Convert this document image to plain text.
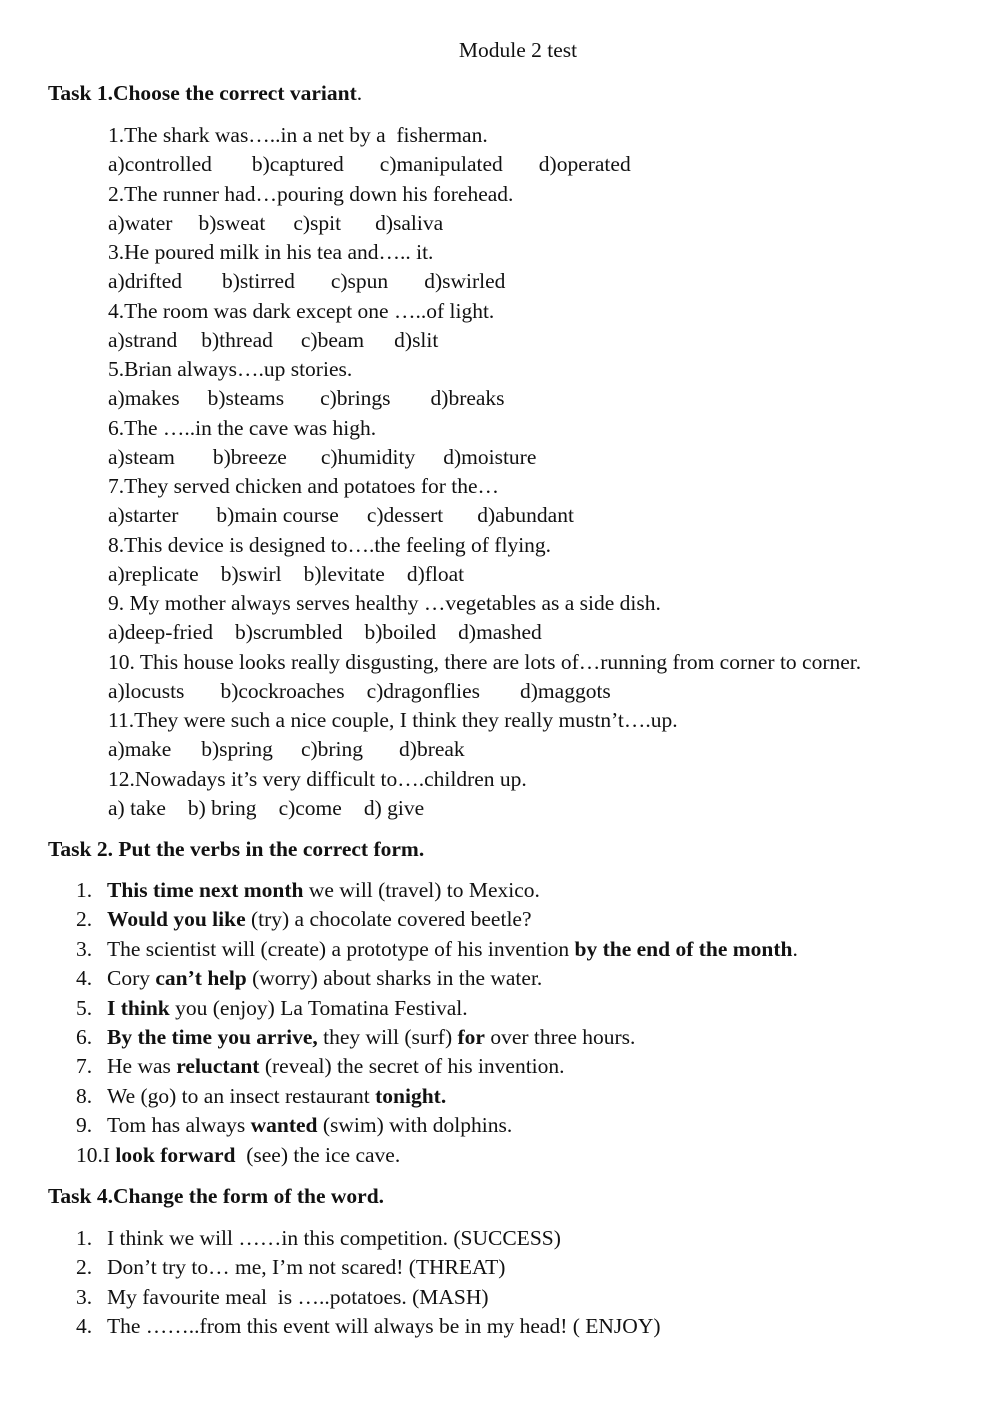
Module 2 test
Task 1.Choose the correct variant.
1.The shark was…..in a net by a  fisherman.
a)controlled b)captured c)manipulated d)operated
2.The runner had…pouring down his forehead.
a)water b)sweat c)spit d)saliva
3.He poured milk in his tea and….. it.
a)drifted b)stirred c)spun d)swirled
4.The room was dark except one …..of light.
a)strand b)thread c)beam d)slit
5.Brian always….up stories.
a)makes b)steams c)brings d)breaks
6.The …..in the cave was high.
a)steam b)breeze c)humidity d)moisture
7.They served chicken and potatoes for the…
a)starter b)main course c)dessert d)abundant
8.This device is designed to….the feeling of flying.
a)replicate b)swirl b)levitate d)float
9. My mother always serves healthy …vegetables as a side dish.
a)deep-fried b)scrumbled b)boiled d)mashed
10. This house looks really disgusting, there are lots of…running from corner to corner.
a)locusts b)cockroaches c)dragonflies d)maggots
11.They were such a nice couple, I think they really mustn’t….up.
a)make b)spring c)bring d)break
12.Nowadays it’s very difficult to….children up.
a) take b) bring c)come d) give
Task 2. Put the verbs in the correct form.
1. This time next month we will (travel) to Mexico.
2. Would you like (try) a chocolate covered beetle?
3. The scientist will (create) a prototype of his invention by the end of the month.
4. Cory can’t help (worry) about sharks in the water.
5. I think you (enjoy) La Tomatina Festival.
6. By the time you arrive, they will (surf) for over three hours.
7. He was reluctant (reveal) the secret of his invention.
8. We (go) to an insect restaurant tonight.
9. Tom has always wanted (swim) with dolphins.
10.I look forward  (see) the ice cave.
Task 4.Change the form of the word.
1. I think we will ……in this competition. (SUCCESS)
2. Don’t try to… me, I’m not scared! (THREAT)
3. My favourite meal  is …..potatoes. (MASH)
4. The ……..from this event will always be in my head! ( ENJOY)
